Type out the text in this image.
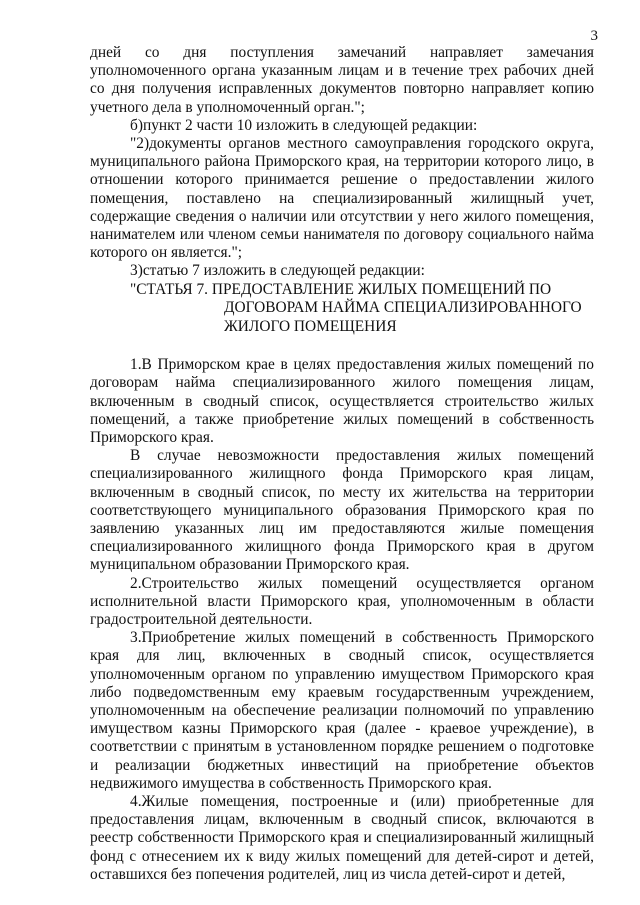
3

дней со дня поступления замечаний направляет замечания уполномоченного органа указанным лицам и в течение трех рабочих дней со дня получения исправленных документов повторно направляет копию учетного дела в уполномоченный орган.";

б)пункт 2 части 10 изложить в следующей редакции:

"2)документы органов местного самоуправления городского округа, муниципального района Приморского края, на территории которого лицо, в отношении которого принимается решение о предоставлении жилого помещения, поставлено на специализированный жилищный учет, содержащие сведения о наличии или отсутствии у него жилого помещения, нанимателем или членом семьи нанимателя по договору социального найма которого он является.";

3)статью 7 изложить в следующей редакции:

"СТАТЬЯ 7. ПРЕДОСТАВЛЕНИЕ ЖИЛЫХ ПОМЕЩЕНИЙ ПО
ДОГОВОРАМ НАЙМА СПЕЦИАЛИЗИРОВАННОГО
ЖИЛОГО ПОМЕЩЕНИЯ

1.В Приморском крае в целях предоставления жилых помещений по договорам найма специализированного жилого помещения лицам, включенным в сводный список, осуществляется строительство жилых помещений, а также приобретение жилых помещений в собственность Приморского края.

В случае невозможности предоставления жилых помещений специализированного жилищного фонда Приморского края лицам, включенным в сводный список, по месту их жительства на территории соответствующего муниципального образования Приморского края по заявлению указанных лиц им предоставляются жилые помещения специализированного жилищного фонда Приморского края в другом муниципальном образовании Приморского края.

2.Строительство жилых помещений осуществляется органом исполнительной власти Приморского края, уполномоченным в области градостроительной деятельности.

3.Приобретение жилых помещений в собственность Приморского края для лиц, включенных в сводный список, осуществляется уполномоченным органом по управлению имуществом Приморского края либо подведомственным ему краевым государственным учреждением, уполномоченным на обеспечение реализации полномочий по управлению имуществом казны Приморского края (далее - краевое учреждение), в соответствии с принятым в установленном порядке решением о подготовке и реализации бюджетных инвестиций на приобретение объектов недвижимого имущества в собственность Приморского края.

4.Жилые помещения, построенные и (или) приобретенные для предоставления лицам, включенным в сводный список, включаются в реестр собственности Приморского края и специализированный жилищный фонд с отнесением их к виду жилых помещений для детей-сирот и детей, оставшихся без попечения родителей, лиц из числа детей-сирот и детей,
